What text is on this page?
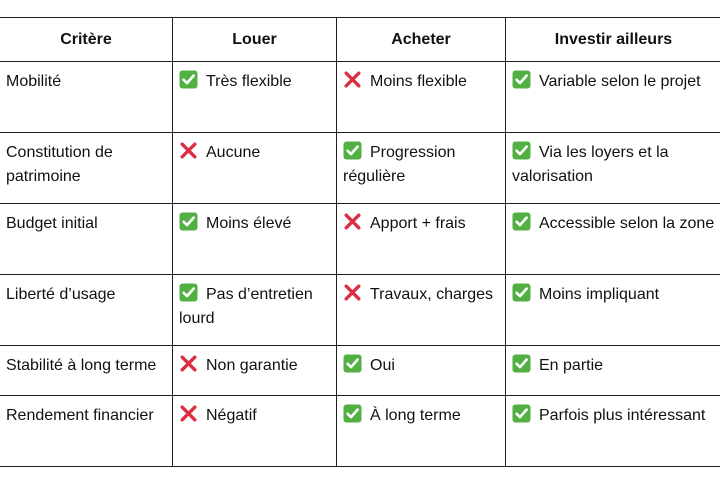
Critère	Louer	Acheter	Investir ailleurs
Mobilité	Très flexible	Moins flexible	Variable selon le projet
Constitution de patrimoine	Aucune	Progression régulière	Via les loyers et la valorisation
Budget initial	Moins élevé	Apport + frais	Accessible selon la zone
Liberté d’usage	Pas d’entretien lourd	Travaux, charges	Moins impliquant
Stabilité à long terme	Non garantie	Oui	En partie
Rendement financier	Négatif	À long terme	Parfois plus intéressant
